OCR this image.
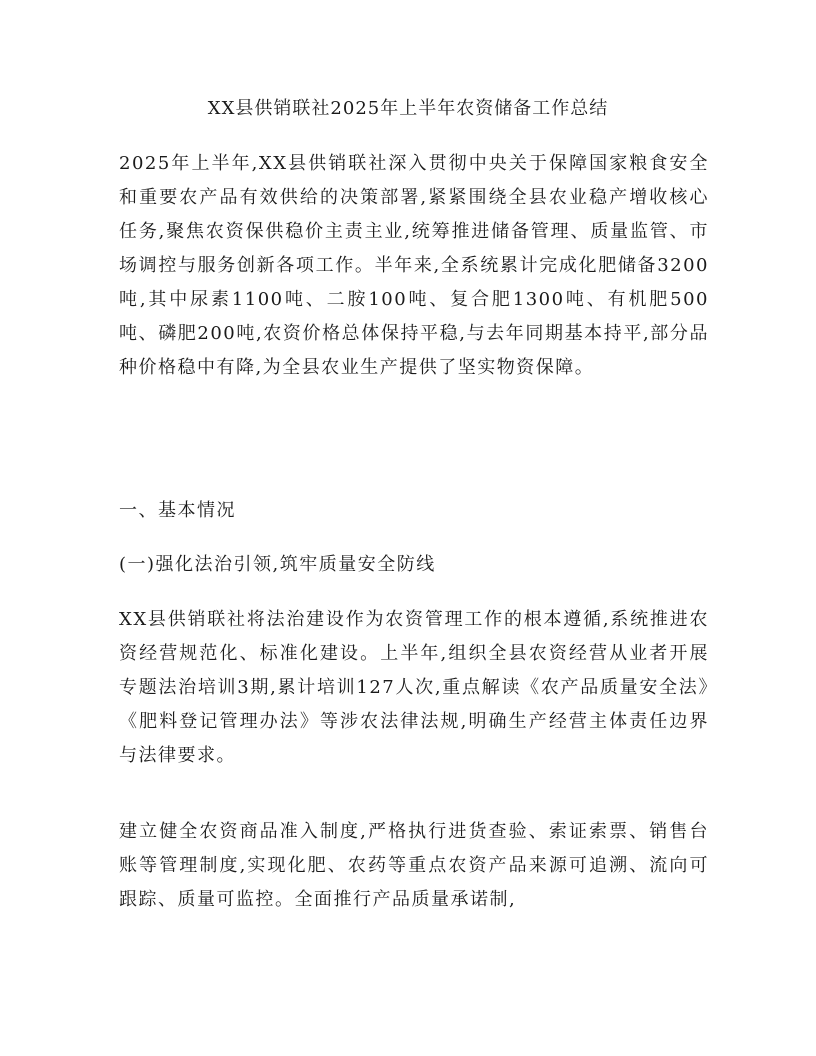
XX县供销联社2025年上半年农资储备工作总结

2025年上半年,XX县供销联社深入贯彻中央关于保障国家粮食安全和重要农产品有效供给的决策部署,紧紧围绕全县农业稳产增收核心任务,聚焦农资保供稳价主责主业,统筹推进储备管理、质量监管、市场调控与服务创新各项工作。半年来,全系统累计完成化肥储备3200吨,其中尿素1100吨、二胺100吨、复合肥1300吨、有机肥500吨、磷肥200吨,农资价格总体保持平稳,与去年同期基本持平,部分品种价格稳中有降,为全县农业生产提供了坚实物资保障。

一、基本情况
(一)强化法治引领,筑牢质量安全防线

XX县供销联社将法治建设作为农资管理工作的根本遵循,系统推进农资经营规范化、标准化建设。上半年,组织全县农资经营从业者开展专题法治培训3期,累计培训127人次,重点解读《农产品质量安全法》《肥料登记管理办法》等涉农法律法规,明确生产经营主体责任边界与法律要求。

建立健全农资商品准入制度,严格执行进货查验、索证索票、销售台账等管理制度,实现化肥、农药等重点农资产品来源可追溯、流向可跟踪、质量可监控。全面推行产品质量承诺制,
